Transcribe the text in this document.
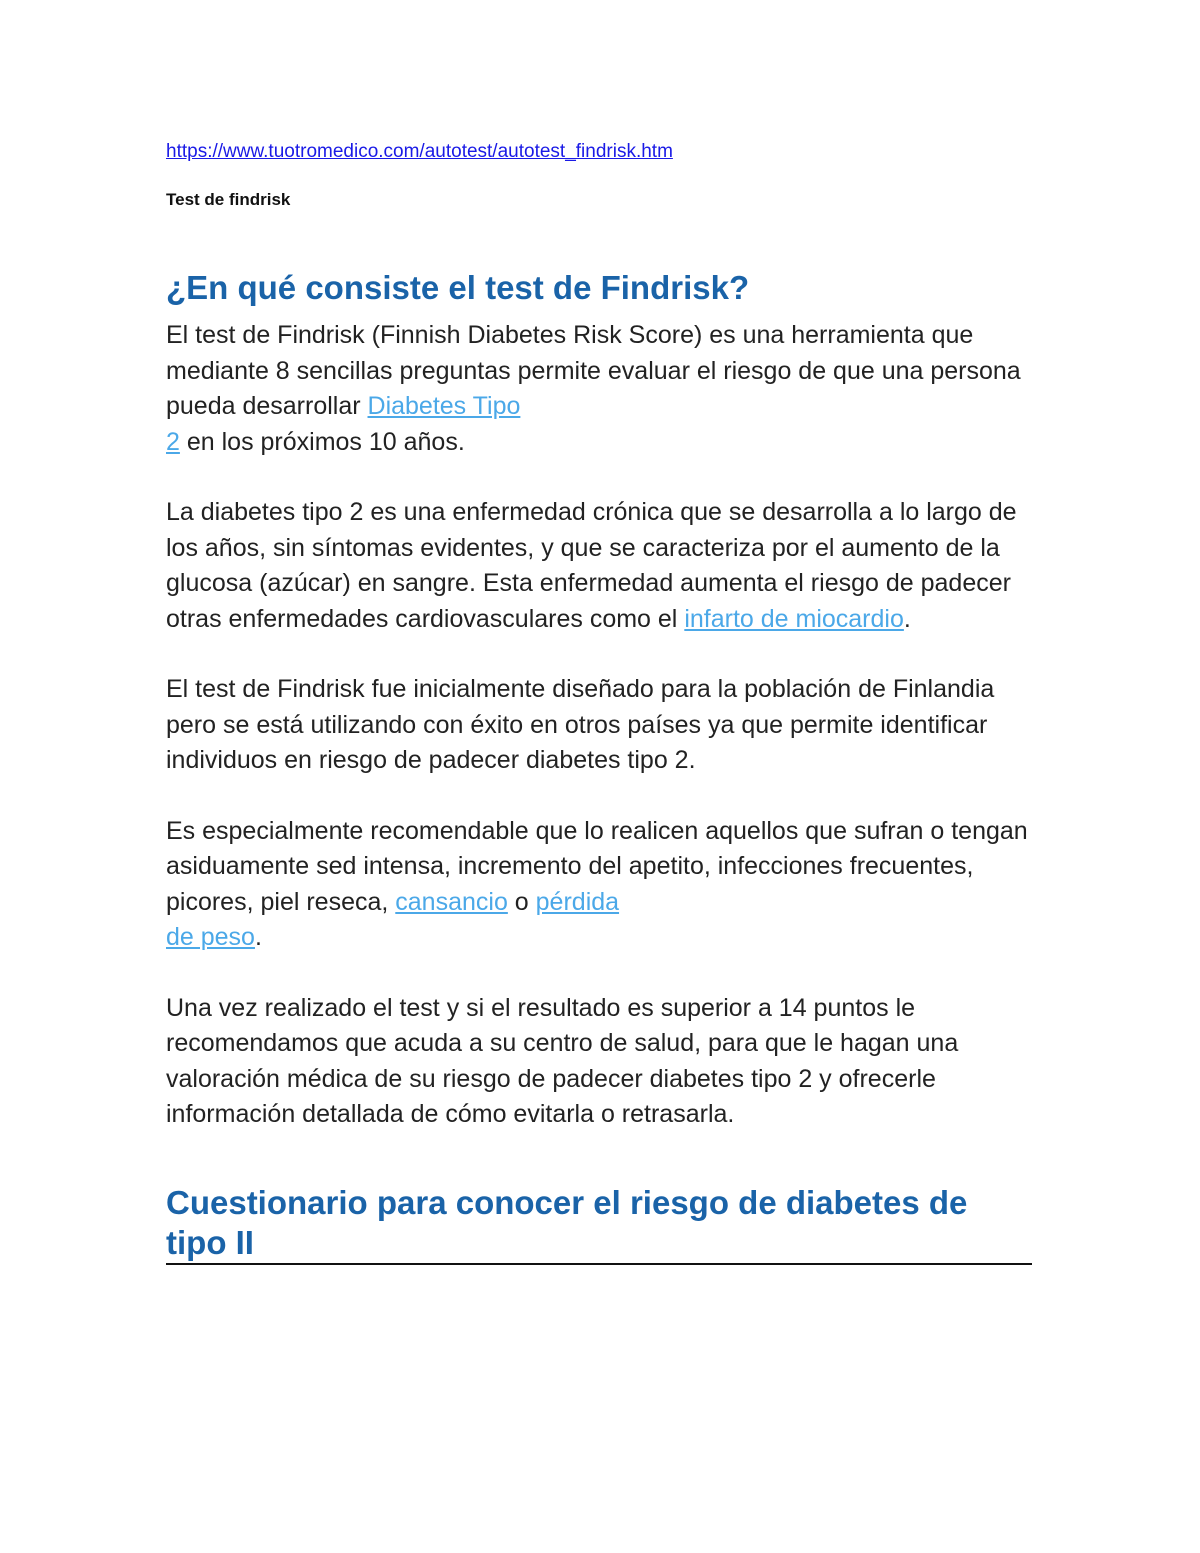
https://www.tuotromedico.com/autotest/autotest_findrisk.htm
Test de findrisk
¿En qué consiste el test de Findrisk?

El test de Findrisk (Finnish Diabetes Risk Score) es una herramienta que mediante 8 sencillas preguntas permite evaluar el riesgo de que una persona pueda desarrollar Diabetes Tipo
2 en los próximos 10 años.

La diabetes tipo 2 es una enfermedad crónica que se desarrolla a lo largo de los años, sin síntomas evidentes, y que se caracteriza por el aumento de la glucosa (azúcar) en sangre. Esta enfermedad aumenta el riesgo de padecer otras enfermedades cardiovasculares como el infarto de miocardio.

El test de Findrisk fue inicialmente diseñado para la población de Finlandia pero se está utilizando con éxito en otros países ya que permite identificar individuos en riesgo de padecer diabetes tipo 2.

Es especialmente recomendable que lo realicen aquellos que sufran o tengan asiduamente sed intensa, incremento del apetito, infecciones frecuentes, picores, piel reseca, cansancio o pérdida
de peso.

Una vez realizado el test y si el resultado es superior a 14 puntos le recomendamos que acuda a su centro de salud, para que le hagan una valoración médica de su riesgo de padecer diabetes tipo 2 y ofrecerle información detallada de cómo evitarla o retrasarla.

Cuestionario para conocer el riesgo de diabetes de tipo II
